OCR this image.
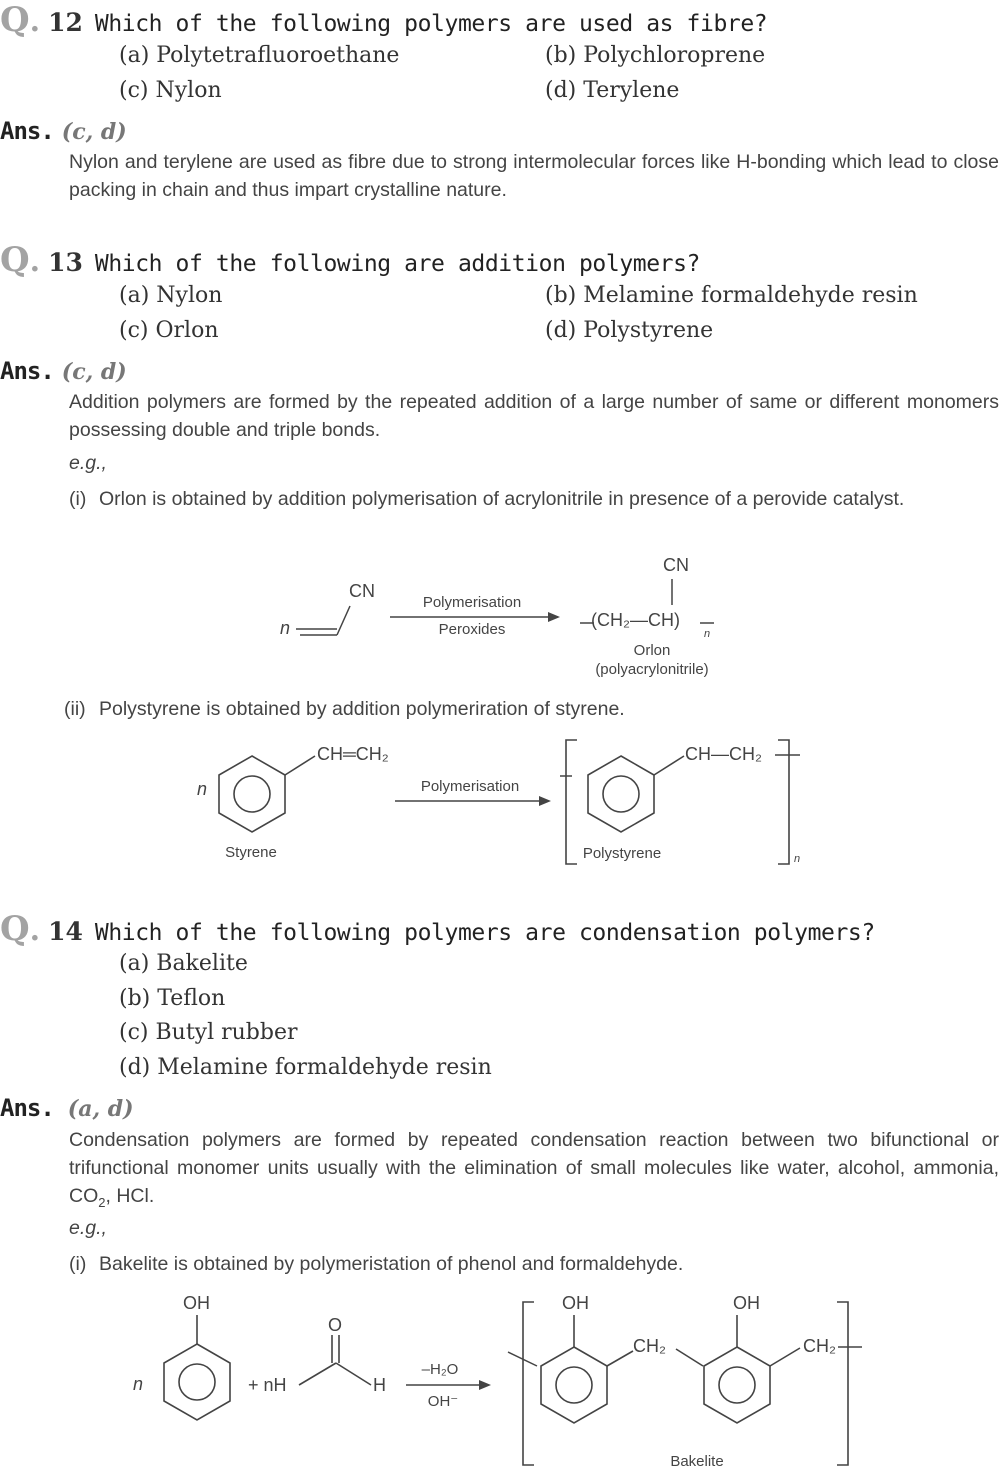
Q . 12 Which of the following polymers are used as fibre?
(a) Polytetrafluoroethane	(b) Polychloroprene
(c) Nylon	(d) Terylene
Ans. (c, d)
Nylon and terylene are used as fibre due to strong intermolecular forces like H-bonding which lead to close packing in chain and thus impart crystalline nature.
Q . 13 Which of the following are addition polymers?
(a) Nylon	(b) Melamine formaldehyde resin
(c) Orlon	(d) Polystyrene
Ans. (c, d)
Addition polymers are formed by the repeated addition of a large number of same or different monomers possessing double and triple bonds.
e.g.,
(i) Orlon is obtained by addition polymerisation of acrylonitrile in presence of a perovide catalyst.
n
CN
Polymerisation
Peroxides
CN
(CH₂—CH)
n
Orlon
(polyacrylonitrile)
(ii) Polystyrene is obtained by addition polymeriration of styrene.
n
CH═CH₂
Styrene
Polymerisation
CH—CH₂
Polystyrene	n
Q . 14 Which of the following polymers are condensation polymers?
(a) Bakelite
(b) Teflon
(c) Butyl rubber
(d) Melamine formaldehyde resin
Ans. (a, d)
Condensation polymers are formed by repeated condensation reaction between two bifunctional or trifunctional monomer units usually with the elimination of small molecules like water, alcohol, ammonia, $CO_2$, HCl.
e.g.,
(i) Bakelite is obtained by polymeristation of phenol and formaldehyde.
n
OH
+ nH
O
H
–H₂O
OH⁻
OH
CH₂
OH
CH₂
Bakelite
